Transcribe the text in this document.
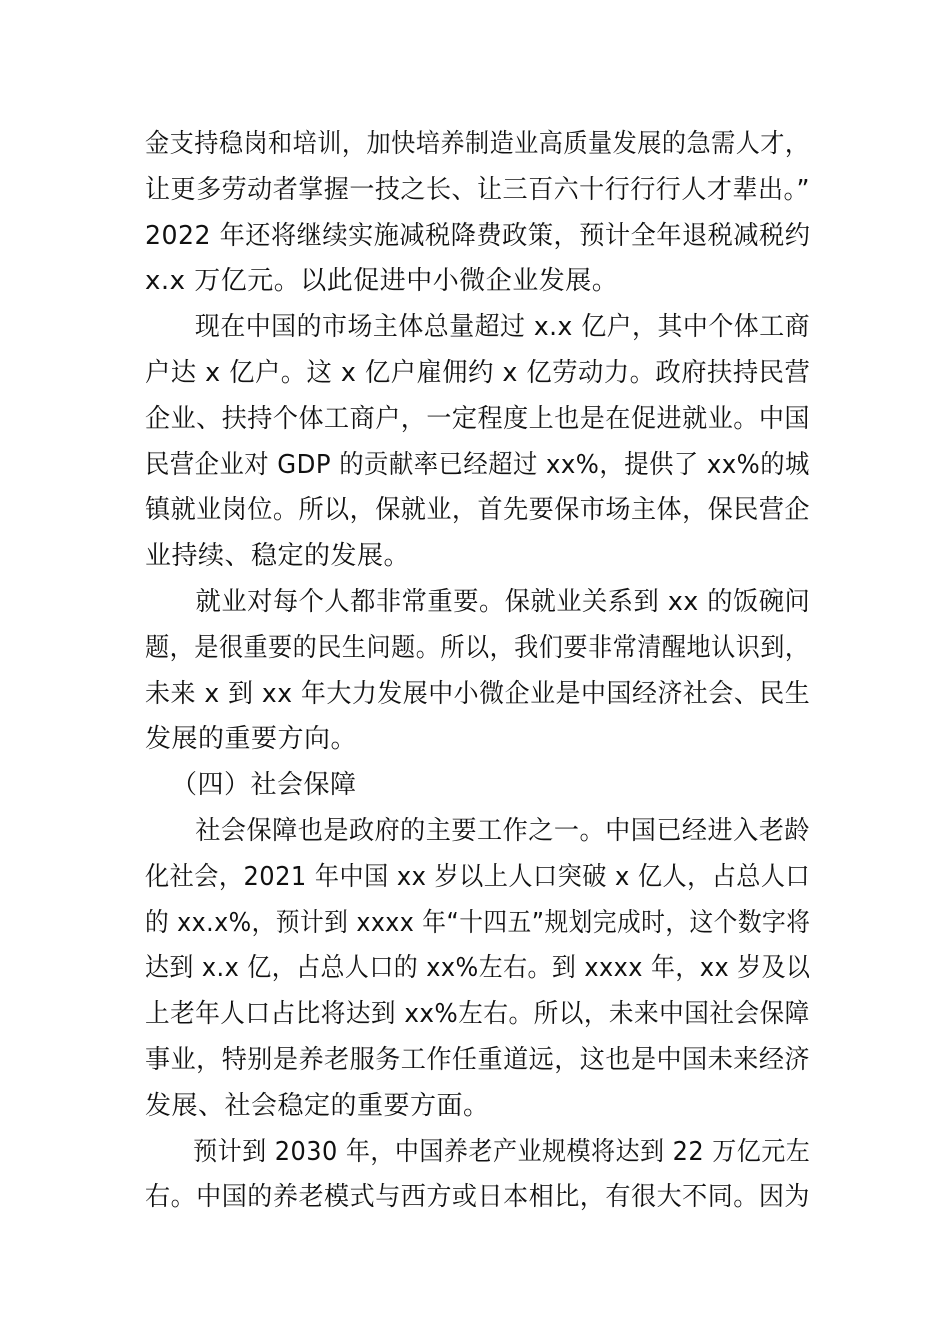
金支持稳岗和培训，加快培养制造业高质量发展的急需人才，
让更多劳动者掌握一技之长、让三百六十行行行人才辈出。”
2022 年还将继续实施减税降费政策，预计全年退税减税约
x.x 万亿元。以此促进中小微企业发展。
现在中国的市场主体总量超过 x.x 亿户，其中个体工商
户达 x 亿户。这 x 亿户雇佣约 x 亿劳动力。政府扶持民营
企业、扶持个体工商户，一定程度上也是在促进就业。中国
民营企业对 GDP 的贡献率已经超过 xx%，提供了 xx%的城
镇就业岗位。所以，保就业，首先要保市场主体，保民营企
业持续、稳定的发展。
就业对每个人都非常重要。保就业关系到 xx 的饭碗问
题，是很重要的民生问题。所以，我们要非常清醒地认识到，
未来 x 到 xx 年大力发展中小微企业是中国经济社会、民生
发展的重要方向。
（四）社会保障
社会保障也是政府的主要工作之一。中国已经进入老龄
化社会，2021 年中国 xx 岁以上人口突破 x 亿人，占总人口
的 xx.x%，预计到 xxxx 年“十四五”规划完成时，这个数字将
达到 x.x 亿，占总人口的 xx%左右。到 xxxx 年，xx 岁及以
上老年人口占比将达到 xx%左右。所以，未来中国社会保障
事业，特别是养老服务工作任重道远，这也是中国未来经济
发展、社会稳定的重要方面。
预计到 2030 年，中国养老产业规模将达到 22 万亿元左
右。中国的养老模式与西方或日本相比，有很大不同。因为
